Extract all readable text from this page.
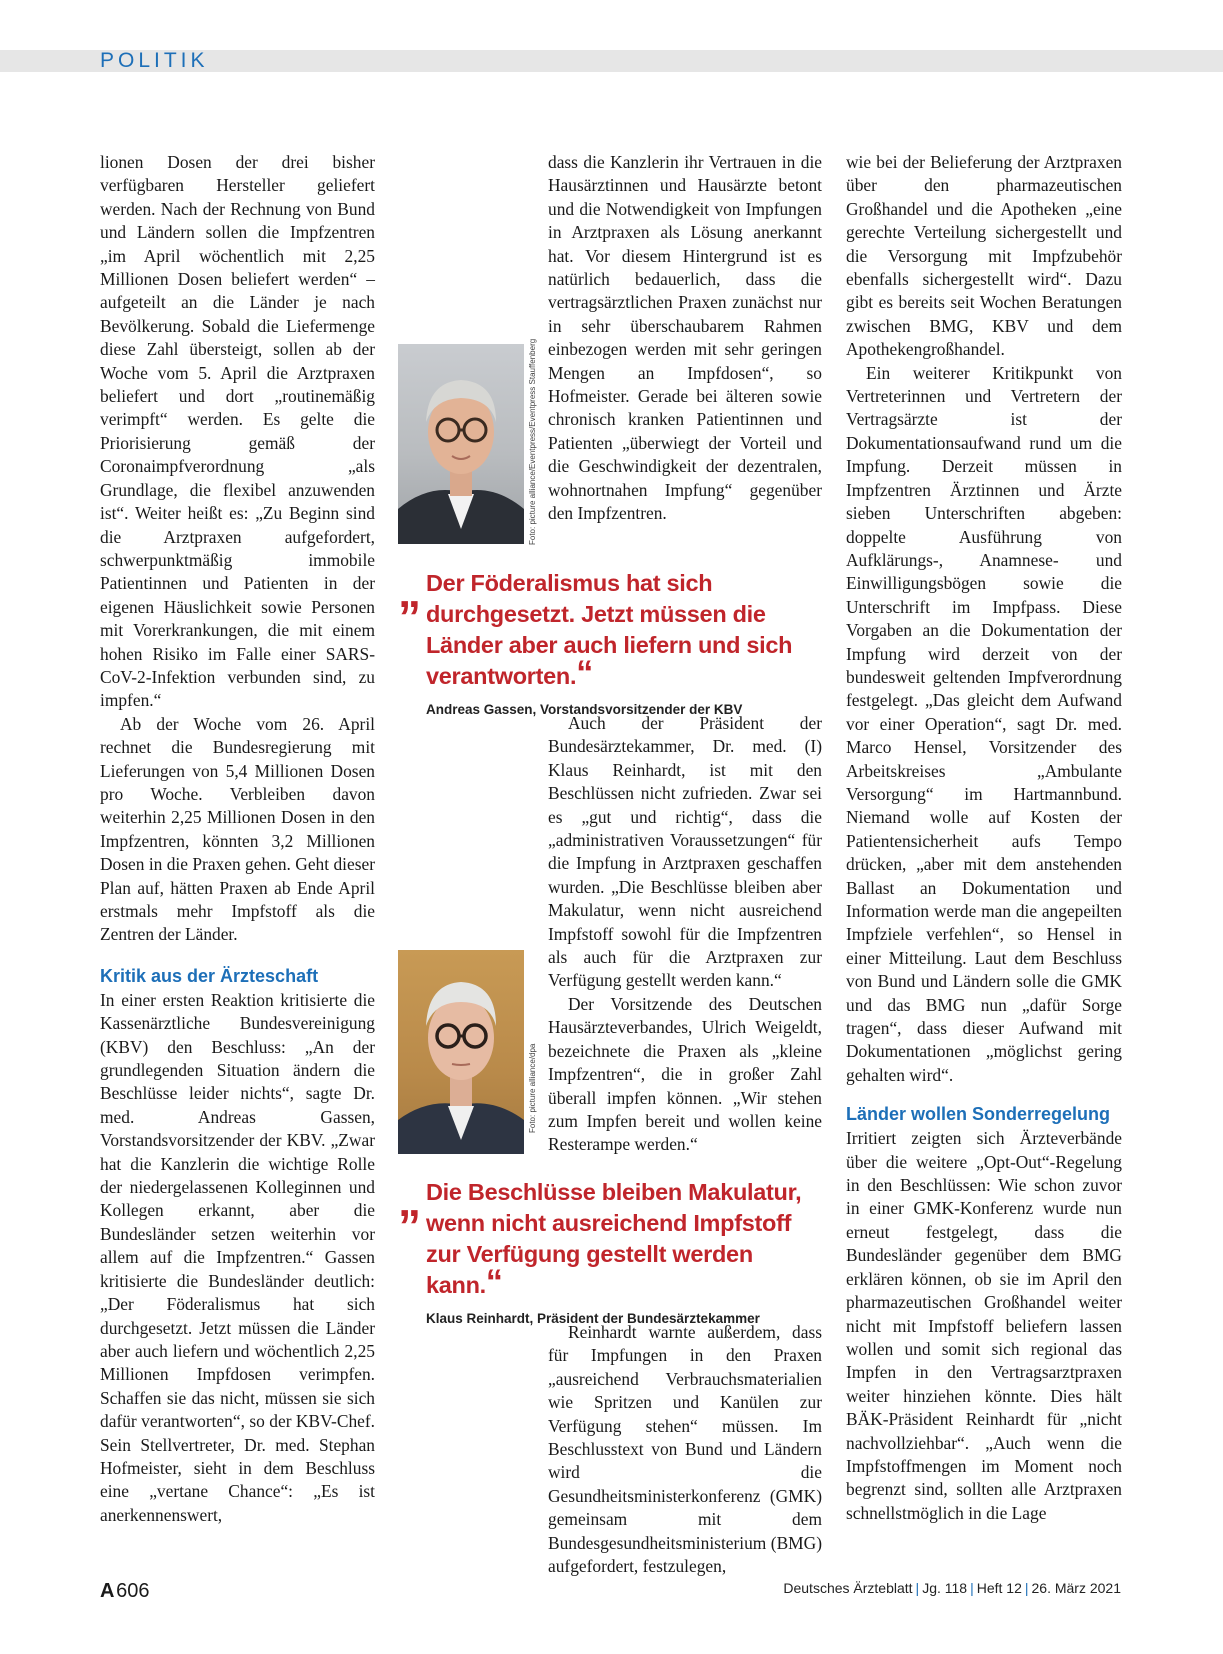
POLITIK

lionen Dosen der drei bisher verfügbaren Hersteller geliefert werden. Nach der Rechnung von Bund und Ländern sollen die Impfzentren „im April wöchentlich mit 2,25 Millionen Dosen beliefert werden“ – aufgeteilt an die Länder je nach Bevölkerung. Sobald die Liefermenge diese Zahl übersteigt, sollen ab der Woche vom 5. April die Arztpraxen beliefert und dort „routinemäßig verimpft“ werden. Es gelte die Priorisierung gemäß der Coronaimpfverordnung „als Grundlage, die flexibel anzuwenden ist“. Weiter heißt es: „Zu Beginn sind die Arztpraxen aufgefordert, schwerpunktmäßig immobile Patientinnen und Patienten in der eigenen Häuslichkeit sowie Personen mit Vorerkrankungen, die mit einem hohen Risiko im Falle einer SARS-CoV-2-Infektion verbunden sind, zu impfen.“

Ab der Woche vom 26. April rechnet die Bundesregierung mit Lieferungen von 5,4 Millionen Dosen pro Woche. Verbleiben davon weiterhin 2,25 Millionen Dosen in den Impfzentren, könnten 3,2 Millionen Dosen in die Praxen gehen. Geht dieser Plan auf, hätten Praxen ab Ende April erstmals mehr Impfstoff als die Zentren der Länder.

Kritik aus der Ärzteschaft

In einer ersten Reaktion kritisierte die Kassenärztliche Bundesvereinigung (KBV) den Beschluss: „An der grundlegenden Situation ändern die Beschlüsse leider nichts“, sagte Dr. med. Andreas Gassen, Vorstandsvorsitzender der KBV. „Zwar hat die Kanzlerin die wichtige Rolle der niedergelassenen Kolleginnen und Kollegen erkannt, aber die Bundesländer setzen weiterhin vor allem auf die Impfzentren.“ Gassen kritisierte die Bundesländer deutlich: „Der Föderalismus hat sich durchgesetzt. Jetzt müssen die Länder aber auch liefern und wöchentlich 2,25 Millionen Impfdosen verimpfen. Schaffen sie das nicht, müssen sie sich dafür verantworten“, so der KBV-Chef. Sein Stellvertreter, Dr. med. Stephan Hofmeister, sieht in dem Beschluss eine „vertane Chance“: „Es ist anerkennenswert,

dass die Kanzlerin ihr Vertrauen in die Hausärztinnen und Hausärzte betont und die Notwendigkeit von Impfungen in Arztpraxen als Lösung anerkannt hat. Vor diesem Hintergrund ist es natürlich bedauerlich, dass die vertragsärztlichen Praxen zunächst nur in sehr überschaubarem Rahmen einbezogen werden mit sehr geringen Mengen an Impfdosen“, so Hofmeister. Gerade bei älteren sowie chronisch kranken Patientinnen und Patienten „überwiegt der Vorteil und die Geschwindigkeit der dezentralen, wohnortnahen Impfung“ gegenüber den Impfzentren.

Foto: picture alliance/Eventpress/Eventpress Stauffenberg
„ Der Föderalismus hat sich durchgesetzt. Jetzt müssen die Länder aber auch liefern und sich verantworten.“
Andreas Gassen, Vorstandsvorsitzender der KBV

Auch der Präsident der Bundesärztekammer, Dr. med. (I) Klaus Reinhardt, ist mit den Beschlüssen nicht zufrieden. Zwar sei es „gut und richtig“, dass die „administrativen Voraussetzungen“ für die Impfung in Arztpraxen geschaffen wurden. „Die Beschlüsse bleiben aber Makulatur, wenn nicht ausreichend Impfstoff sowohl für die Impfzentren als auch für die Arztpraxen zur Verfügung gestellt werden kann.“

Der Vorsitzende des Deutschen Hausärzteverbandes, Ulrich Weigeldt, bezeichnete die Praxen als „kleine Impfzentren“, die in großer Zahl überall impfen können. „Wir stehen zum Impfen bereit und wollen keine Resterampe werden.“

Foto: picture alliance/dpa
„ Die Beschlüsse bleiben Makulatur, wenn nicht ausreichend Impfstoff zur Verfügung gestellt werden kann.“
Klaus Reinhardt, Präsident der Bundesärztekammer

Reinhardt warnte außerdem, dass für Impfungen in den Praxen „ausreichend Verbrauchsmaterialien wie Spritzen und Kanülen zur Verfügung stehen“ müssen. Im Beschlusstext von Bund und Ländern wird die Gesundheitsministerkonferenz (GMK) gemeinsam mit dem Bundesgesundheitsministerium (BMG) aufgefordert, festzulegen,

wie bei der Belieferung der Arztpraxen über den pharmazeutischen Großhandel und die Apotheken „eine gerechte Verteilung sichergestellt und die Versorgung mit Impfzubehör ebenfalls sichergestellt wird“. Dazu gibt es bereits seit Wochen Beratungen zwischen BMG, KBV und dem Apothekengroßhandel.

Ein weiterer Kritikpunkt von Vertreterinnen und Vertretern der Vertragsärzte ist der Dokumentationsaufwand rund um die Impfung. Derzeit müssen in Impfzentren Ärztinnen und Ärzte sieben Unterschriften abgeben: doppelte Ausführung von Aufklärungs-, Anamnese- und Einwilligungsbögen sowie die Unterschrift im Impfpass. Diese Vorgaben an die Dokumentation der Impfung wird derzeit von der bundesweit geltenden Impfverordnung festgelegt. „Das gleicht dem Aufwand vor einer Operation“, sagt Dr. med. Marco Hensel, Vorsitzender des Arbeitskreises „Ambulante Versorgung“ im Hartmannbund. Niemand wolle auf Kosten der Patientensicherheit aufs Tempo drücken, „aber mit dem anstehenden Ballast an Dokumentation und Information werde man die angepeilten Impfziele verfehlen“, so Hensel in einer Mitteilung. Laut dem Beschluss von Bund und Ländern solle die GMK und das BMG nun „dafür Sorge tragen“, dass dieser Aufwand mit Dokumentationen „möglichst gering gehalten wird“.

Länder wollen Sonderregelung

Irritiert zeigten sich Ärzteverbände über die weitere „Opt-Out“-Regelung in den Beschlüssen: Wie schon zuvor in einer GMK-Konferenz wurde nun erneut festgelegt, dass die Bundesländer gegenüber dem BMG erklären können, ob sie im April den pharmazeutischen Großhandel weiter nicht mit Impfstoff beliefern lassen wollen und somit sich regional das Impfen in den Vertragsarztpraxen weiter hinziehen könnte. Dies hält BÄK-Präsident Reinhardt für „nicht nachvollziehbar“. „Auch wenn die Impfstoffmengen im Moment noch begrenzt sind, sollten alle Arztpraxen schnellstmöglich in die Lage

A 606	Deutsches Ärzteblatt | Jg. 118 | Heft 12 | 26. März 2021
